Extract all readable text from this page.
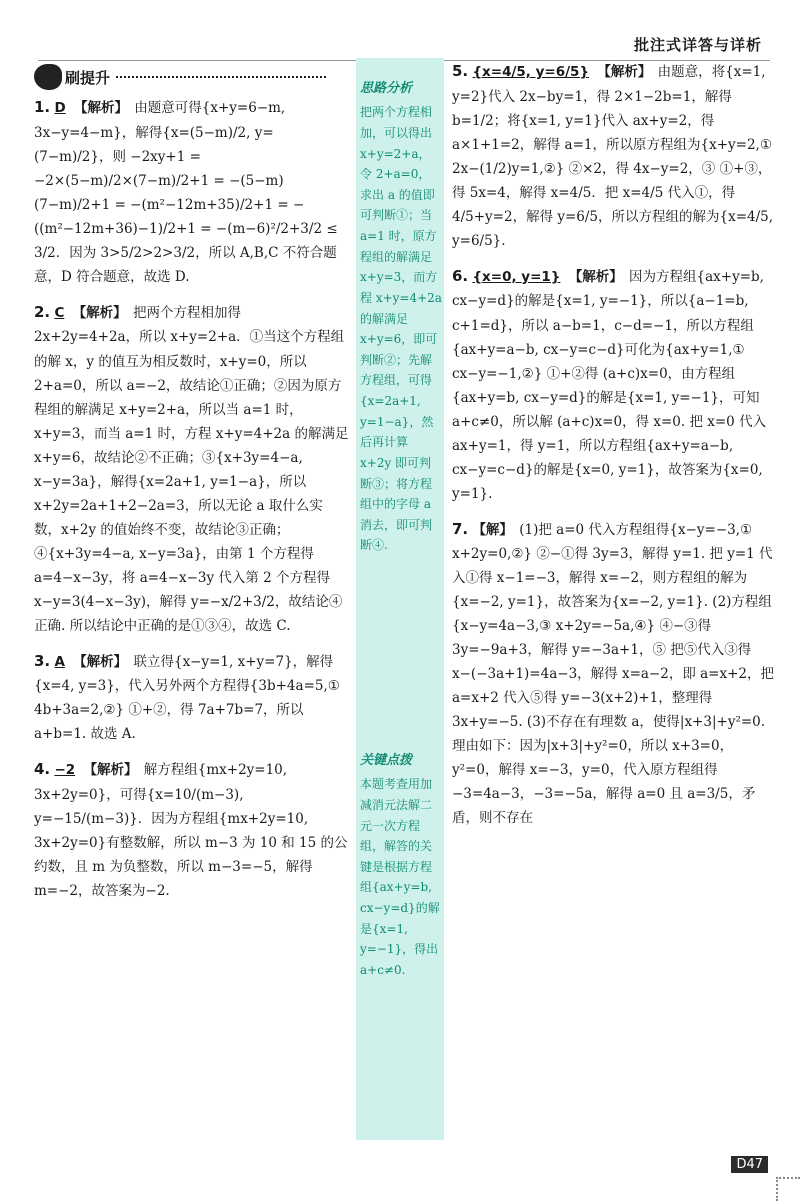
批注式详答与详析
刷提升
思路分析
把两个方程相加，可以得出 x+y=2+a，令 2+a=0，求出 a 的值即可判断①；当 a=1 时，原方程组的解满足 x+y=3，而方程 x+y=4+2a 的解满足 x+y=6，即可判断②；先解方程组，可得{x=2a+1, y=1−a}，然后再计算 x+2y 即可判断③；将方程组中的字母 a 消去，即可判断④.
关键点拨
本题考查用加减消元法解二元一次方程组，解答的关键是根据方程组{ax+y=b, cx−y=d}的解是{x=1, y=−1}，得出 a+c≠0.
1. D 【解析】 由题意可得{x+y=6−m, 3x−y=4−m}，解得{x=(5−m)/2, y=(7−m)/2}，则 −2xy+1 = −2×(5−m)/2×(7−m)/2+1 = −(5−m)(7−m)/2+1 = −(m²−12m+35)/2+1 = −((m²−12m+36)−1)/2+1 = −(m−6)²/2+3/2 ≤ 3/2．因为 3>5/2>2>3/2，所以 A,B,C 不符合题意，D 符合题意，故选 D.
2. C 【解析】 把两个方程相加得 2x+2y=4+2a，所以 x+y=2+a．①当这个方程组的解 x，y 的值互为相反数时，x+y=0，所以 2+a=0，所以 a=−2，故结论①正确；②因为原方程组的解满足 x+y=2+a，所以当 a=1 时，x+y=3，而当 a=1 时，方程 x+y=4+2a 的解满足 x+y=6，故结论②不正确；③{x+3y=4−a, x−y=3a}，解得{x=2a+1, y=1−a}，所以 x+2y=2a+1+2−2a=3，所以无论 a 取什么实数，x+2y 的值始终不变，故结论③正确；④{x+3y=4−a, x−y=3a}，由第 1 个方程得 a=4−x−3y，将 a=4−x−3y 代入第 2 个方程得 x−y=3(4−x−3y)，解得 y=−x/2+3/2，故结论④正确. 所以结论中正确的是①③④，故选 C.
3. A 【解析】 联立得{x−y=1, x+y=7}，解得{x=4, y=3}，代入另外两个方程得{3b+4a=5,① 4b+3a=2,②} ①+②，得 7a+7b=7，所以 a+b=1. 故选 A.
4. −2 【解析】 解方程组{mx+2y=10, 3x+2y=0}，可得{x=10/(m−3), y=−15/(m−3)}．因为方程组{mx+2y=10, 3x+2y=0}有整数解，所以 m−3 为 10 和 15 的公约数，且 m 为负整数，所以 m−3=−5，解得 m=−2，故答案为−2.
5. {x=4/5, y=6/5} 【解析】 由题意，将{x=1, y=2}代入 2x−by=1，得 2×1−2b=1，解得 b=1/2；将{x=1, y=1}代入 ax+y=2，得 a×1+1=2，解得 a=1，所以原方程组为{x+y=2,① 2x−(1/2)y=1,②} ②×2，得 4x−y=2，③ ①+③，得 5x=4，解得 x=4/5．把 x=4/5 代入①，得 4/5+y=2，解得 y=6/5，所以方程组的解为{x=4/5, y=6/5}.
6. {x=0, y=1} 【解析】 因为方程组{ax+y=b, cx−y=d}的解是{x=1, y=−1}，所以{a−1=b, c+1=d}，所以 a−b=1，c−d=−1，所以方程组{ax+y=a−b, cx−y=c−d}可化为{ax+y=1,① cx−y=−1,②} ①+②得 (a+c)x=0，由方程组{ax+y=b, cx−y=d}的解是{x=1, y=−1}，可知 a+c≠0，所以解 (a+c)x=0，得 x=0. 把 x=0 代入 ax+y=1，得 y=1，所以方程组{ax+y=a−b, cx−y=c−d}的解是{x=0, y=1}，故答案为{x=0, y=1}.
7. 【解】 (1)把 a=0 代入方程组得{x−y=−3,① x+2y=0,②} ②−①得 3y=3，解得 y=1. 把 y=1 代入①得 x−1=−3，解得 x=−2，则方程组的解为{x=−2, y=1}，故答案为{x=−2, y=1}. (2)方程组{x−y=4a−3,③ x+2y=−5a,④} ④−③得 3y=−9a+3，解得 y=−3a+1，⑤ 把⑤代入③得 x−(−3a+1)=4a−3，解得 x=a−2，即 a=x+2，把 a=x+2 代入⑤得 y=−3(x+2)+1，整理得 3x+y=−5. (3)不存在有理数 a，使得|x+3|+y²=0. 理由如下：因为|x+3|+y²=0，所以 x+3=0，y²=0，解得 x=−3，y=0，代入原方程组得 −3=4a−3，−3=−5a，解得 a=0 且 a=3/5，矛盾，则不存在
D47
